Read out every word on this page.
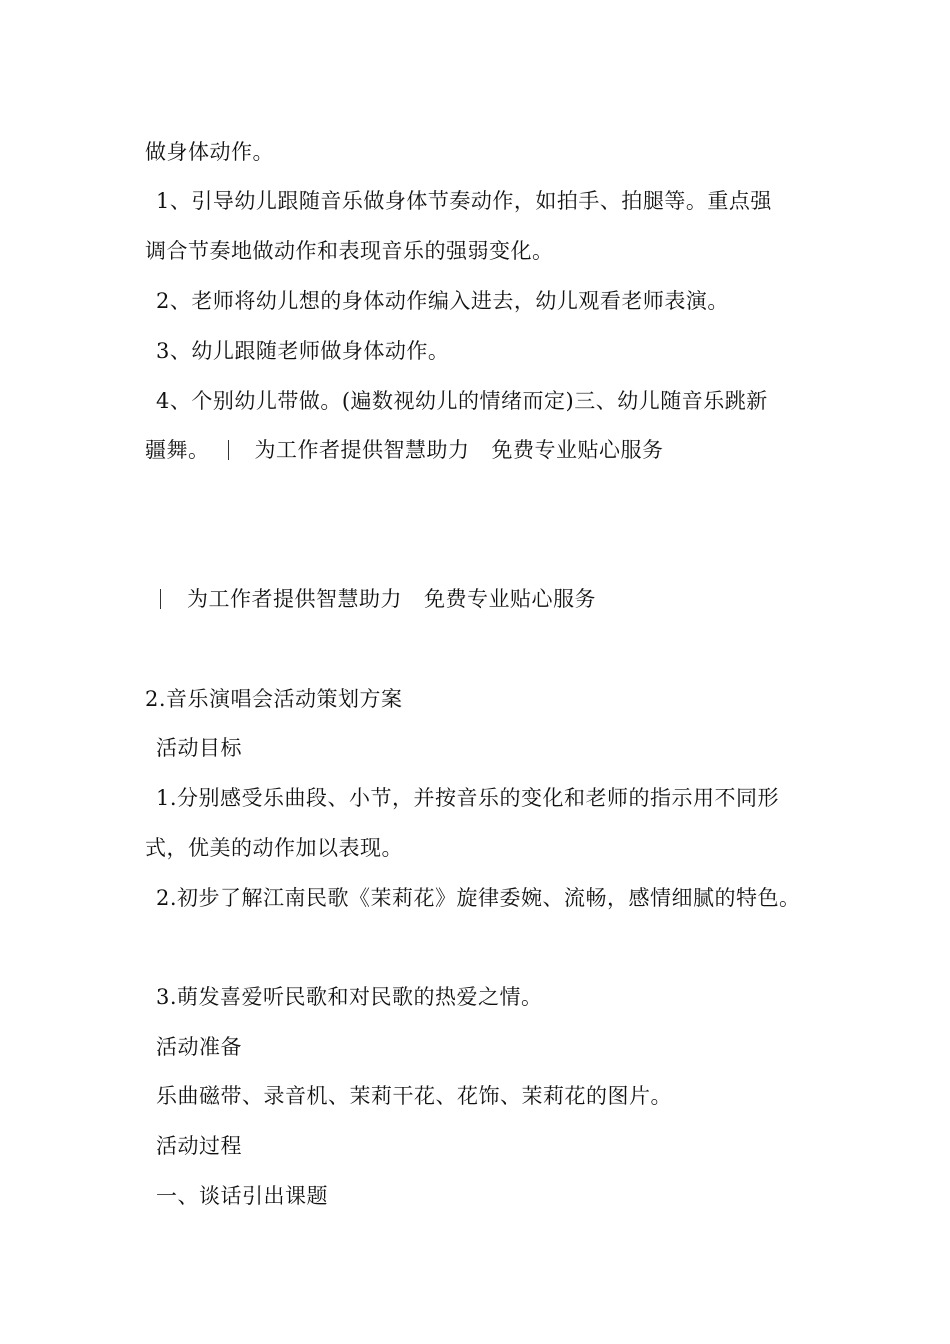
做身体动作。
1、引导幼儿跟随音乐做身体节奏动作，如拍手、拍腿等。重点强
调合节奏地做动作和表现音乐的强弱变化。
2、老师将幼儿想的身体动作编入进去，幼儿观看老师表演。
3、幼儿跟随老师做身体动作。
4、个别幼儿带做。(遍数视幼儿的情绪而定)三、幼儿随音乐跳新
疆舞。 为工作者提供智慧助力 免费专业贴心服务
为工作者提供智慧助力 免费专业贴心服务
2.音乐演唱会活动策划方案
活动目标
1.分别感受乐曲段、小节，并按音乐的变化和老师的指示用不同形
式，优美的动作加以表现。
2.初步了解江南民歌《茉莉花》旋律委婉、流畅，感情细腻的特色。
3.萌发喜爱听民歌和对民歌的热爱之情。
活动准备
乐曲磁带、录音机、茉莉干花、花饰、茉莉花的图片。
活动过程
一、谈话引出课题
